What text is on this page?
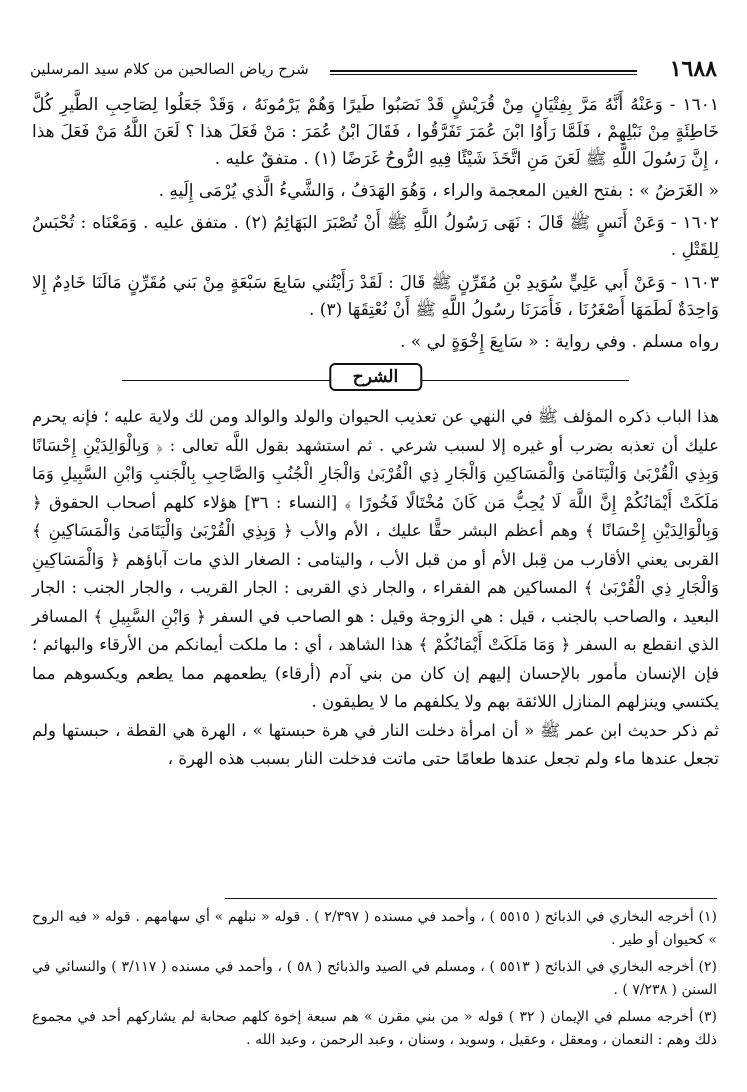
١٦٨٨
شرح رياض الصالحين من كلام سيد المرسلين

١٦٠١ - وَعَنْهُ أَنَّهُ مَرَّ بِفِتْيَانٍ مِنْ قُرَيْشٍ قَدْ نَصَبُوا طَيرًا وَهُمْ يَرْمُونَهُ ، وَقَدْ جَعَلُوا لِصَاحِبِ الطَّيرِ كُلَّ خَاطِئَةٍ مِنْ نَبْلِهِمْ ، فَلَمَّا رَأَوُا ابْنَ عُمَرَ تَفَرَّقُوا ، فَقَالَ ابْنُ عُمَرَ : مَنْ فَعَلَ هذا ؟ لَعَنَ اللَّهُ مَنْ فَعَلَ هذا ، إِنَّ رَسُولَ اللَّهِ ﷺ لَعَنَ مَنِ اتَّخَذَ شَيْئًا فِيهِ الرُّوحُ غَرَضًا (١) . متفقٌ عليه .

« الغَرَضُ » : بفتح الغين المعجمة والراء ، وَهُوَ الهَدَفُ ، وَالشَّيءُ الَّذي يُرْمَى إِلَيهِ .

١٦٠٢ - وَعَنْ أَنَسٍ ﷺ قَالَ : نَهَى رَسُولُ اللَّهِ ﷺ أَنْ تُصْبَرَ البَهَائِمُ (٢) . متفق عليه . وَمَعْنَاه : تُحْبَسُ لِلقَتْلِ .

١٦٠٣ - وَعَنْ أَبي عَلِيٍّ سُوَيدِ بْنِ مُقَرِّنٍ ﷺ قَالَ : لَقَدْ رَأَيْتُني سَابِعَ سَبْعَةٍ مِنْ بَني مُقَرِّنٍ مَالَنَا خَادِمٌ إِلا وَاحِدَةٌ لَطَمَهَا أَصْغَرُنَا ، فَأَمَرَنَا رسُولُ اللَّهِ ﷺ أَنْ نُعْتِقَهَا (٣) .

رواه مسلم . وفي رواية : « سَابِعَ إِخْوَةٍ لي » .

الشرح

هذا الباب ذكره المؤلف ﷺ في النهي عن تعذيب الحيوان والولد والوالد ومن لك ولاية عليه ؛ فإنه يحرم عليك أن تعذبه بضرب أو غيره إلا لسبب شرعي . ثم استشهد بقول اللَّه تعالى : ﴿ وَبِالْوَالِدَيْنِ إِحْسَانًا وَبِذِي الْقُرْبَىٰ وَالْيَتَامَىٰ وَالْمَسَاكِينِ وَالْجَارِ ذِي الْقُرْبَىٰ وَالْجَارِ الْجُنُبِ وَالصَّاحِبِ بِالْجَنبِ وَابْنِ السَّبِيلِ وَمَا مَلَكَتْ أَيْمَانُكُمْ إِنَّ اللَّهَ لَا يُحِبُّ مَن كَانَ مُخْتَالًا فَخُورًا ﴾ [النساء : ٣٦] هؤلاء كلهم أصحاب الحقوق ﴿ وَبِالْوَالِدَيْنِ إِحْسَانًا ﴾ وهم أعظم البشر حقًّا عليك ، الأم والأب ﴿ وَبِذِي الْقُرْبَىٰ وَالْيَتَامَىٰ وَالْمَسَاكِينِ ﴾ القربى يعني الأقارب من قِبل الأم أو من قبل الأب ، واليتامى : الصغار الذي مات آباؤهم ﴿ وَالْمَسَاكِينِ وَالْجَارِ ذِي الْقُرْبَىٰ ﴾ المساكين هم الفقراء ، والجار ذي القربى : الجار القريب ، والجار الجنب : الجار البعيد ، والصاحب بالجنب ، قيل : هي الزوجة وقيل : هو الصاحب في السفر ﴿ وَابْنِ السَّبِيلِ ﴾ المسافر الذي انقطع به السفر ﴿ وَمَا مَلَكَتْ أَيْمَانُكُمْ ﴾ هذا الشاهد ، أي : ما ملكت أيمانكم من الأرقاء والبهائم ؛ فإن الإنسان مأمور بالإحسان إليهم إن كان من بني آدم (أرقاء) يطعمهم مما يطعم ويكسوهم مما يكتسي وينزلهم المنازل اللائقة بهم ولا يكلفهم ما لا يطيقون .

ثم ذكر حديث ابن عمر ﷺ « أن امرأة دخلت النار في هرة حبستها » ، الهرة هي القطة ، حبستها ولم تجعل عندها ماء ولم تجعل عندها طعامًا حتى ماتت فدخلت النار بسبب هذه الهرة ،

(١) أخرجه البخاري في الذبائح ( ٥٥١٥ ) ، وأحمد في مسنده ( ٢/٣٩٧ ) . قوله « نبلهم » أي سهامهم . قوله « فيه الروح » كحيوان أو طير .

(٢) أخرجه البخاري في الذبائح ( ٥٥١٣ ) ، ومسلم في الصيد والذبائح ( ٥٨ ) ، وأحمد في مسنده ( ٣/١١٧ ) والنسائي في السنن ( ٧/٢٣٨ ) .

(٣) أخرجه مسلم في الإيمان ( ٣٢ ) قوله « من بني مقرن » هم سبعة إخوة كلهم صحابة لم يشاركهم أحد في مجموع ذلك وهم : النعمان ، ومعقل ، وعقيل ، وسويد ، وسنان ، وعبد الرحمن ، وعبد الله .
